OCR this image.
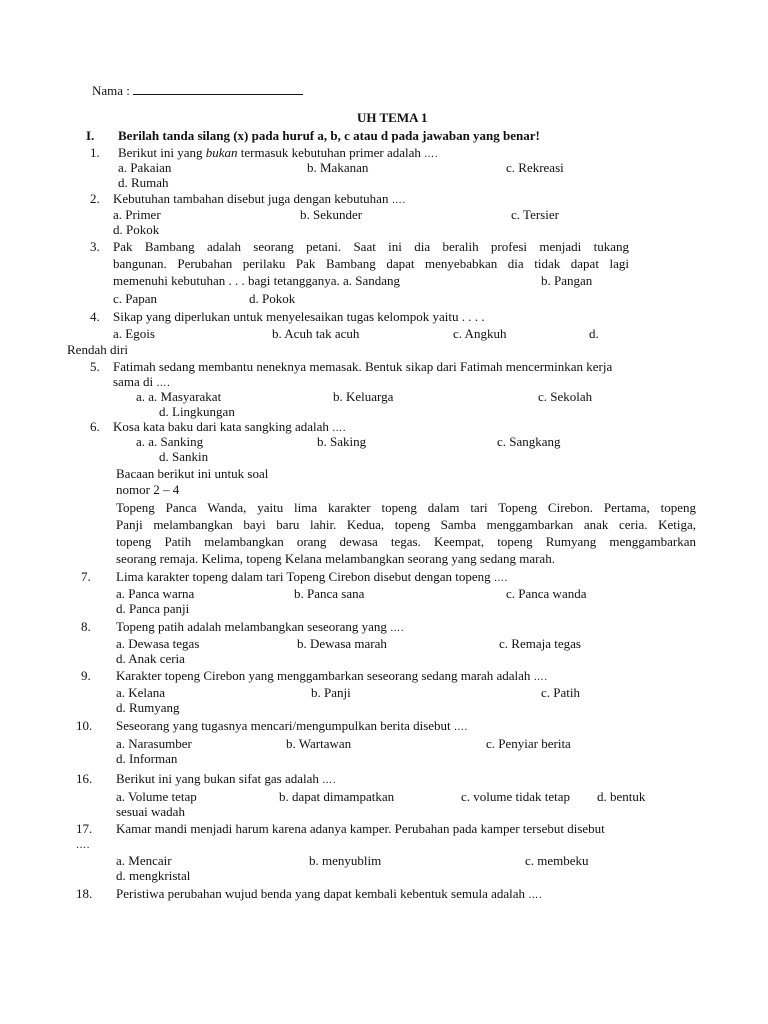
Nama :
UH TEMA 1
I. Berilah tanda silang (x) pada huruf a, b, c atau d pada jawaban yang benar!
1. Berikut ini yang bukan termasuk kebutuhan primer adalah ….
a. Pakaian	b. Makanan	c. Rekreasi
d. Rumah
2. Kebutuhan tambahan disebut juga dengan kebutuhan ….
a. Primer	b. Sekunder	c. Tersier
d. Pokok
3. Pak Bambang adalah seorang petani. Saat ini dia beralih profesi menjadi tukang
bangunan. Perubahan perilaku Pak Bambang dapat menyebabkan dia tidak dapat lagi
memenuhi kebutuhan . . . bagi tetangganya. a. Sandang	b. Pangan
c. Papan	d. Pokok
4. Sikap yang diperlukan untuk menyelesaikan tugas kelompok yaitu . . . .
a. Egois	b. Acuh tak acuh	c. Angkuh	d.
Rendah diri
5. Fatimah sedang membantu neneknya memasak. Bentuk sikap dari Fatimah mencerminkan kerja
sama di ….
a. a. Masyarakat	b. Keluarga	c. Sekolah
d. Lingkungan
6. Kosa kata baku dari kata sangking adalah ….
a. a. Sanking	b. Saking	c. Sangkang
d. Sankin
Bacaan berikut ini untuk soal
nomor 2 – 4
Topeng Panca Wanda, yaitu lima karakter topeng dalam tari Topeng Cirebon. Pertama, topeng
Panji melambangkan bayi baru lahir. Kedua, topeng Samba menggambarkan anak ceria. Ketiga,
topeng Patih melambangkan orang dewasa tegas. Keempat, topeng Rumyang menggambarkan
seorang remaja. Kelima, topeng Kelana melambangkan seorang yang sedang marah.
7. Lima karakter topeng dalam tari Topeng Cirebon disebut dengan topeng ….
a. Panca warna	b. Panca sana	c. Panca wanda
d. Panca panji
8. Topeng patih adalah melambangkan seseorang yang ….
a. Dewasa tegas	b. Dewasa marah	c. Remaja tegas
d. Anak ceria
9. Karakter topeng Cirebon yang menggambarkan seseorang sedang marah adalah ….
a. Kelana	b. Panji	c. Patih
d. Rumyang
10. Seseorang yang tugasnya mencari/mengumpulkan berita disebut ….
a. Narasumber	b. Wartawan	c. Penyiar berita
d. Informan
16. Berikut ini yang bukan sifat gas adalah ….
a. Volume tetap	b. dapat dimampatkan	c. volume tidak tetap d. bentuk
sesuai wadah
17. Kamar mandi menjadi harum karena adanya kamper. Perubahan pada kamper tersebut disebut
….
a. Mencair	b. menyublim	c. membeku
d. mengkristal
18. Peristiwa perubahan wujud benda yang dapat kembali kebentuk semula adalah ….
